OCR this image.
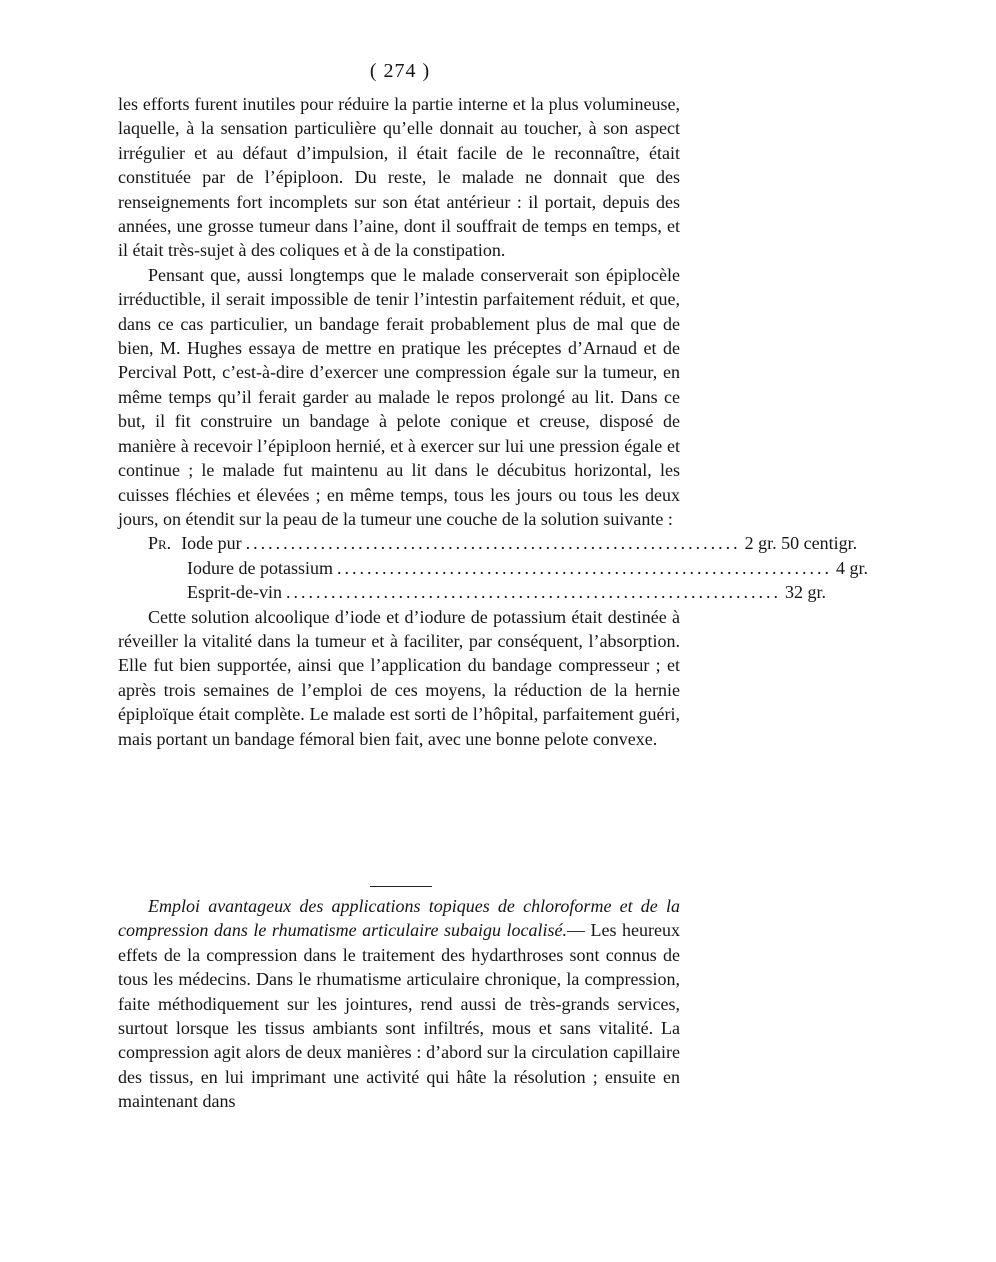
( 274 )

les efforts furent inutiles pour réduire la partie interne et la plus volumineuse, laquelle, à la sensation particulière qu’elle donnait au toucher, à son aspect irrégulier et au défaut d’impulsion, il était facile de le reconnaître, était constituée par de l’épiploon. Du reste, le malade ne donnait que des renseignements fort incomplets sur son état antérieur : il portait, depuis des années, une grosse tumeur dans l’aine, dont il souffrait de temps en temps, et il était très-sujet à des coliques et à de la constipation.

Pensant que, aussi longtemps que le malade conserverait son épiplocèle irréductible, il serait impossible de tenir l’intestin parfaitement réduit, et que, dans ce cas particulier, un bandage ferait probablement plus de mal que de bien, M. Hughes essaya de mettre en pratique les préceptes d’Arnaud et de Percival Pott, c’est-à-dire d’exercer une compression égale sur la tumeur, en même temps qu’il ferait garder au malade le repos prolongé au lit. Dans ce but, il fit construire un bandage à pelote conique et creuse, disposé de manière à recevoir l’épiploon hernié, et à exercer sur lui une pression égale et continue ; le malade fut maintenu au lit dans le décubitus horizontal, les cuisses fléchies et élevées ; en même temps, tous les jours ou tous les deux jours, on étendit sur la peau de la tumeur une couche de la solution suivante :

Pr. Iode pur .................................................................. 2 gr. 50 centigr.
Iodure de potassium .................................................................. 4 gr.
Esprit-de-vin .................................................................. 32 gr.

Cette solution alcoolique d’iode et d’iodure de potassium était destinée à réveiller la vitalité dans la tumeur et à faciliter, par conséquent, l’absorption. Elle fut bien supportée, ainsi que l’application du bandage compresseur ; et après trois semaines de l’emploi de ces moyens, la réduction de la hernie épiploïque était complète. Le malade est sorti de l’hôpital, parfaitement guéri, mais portant un bandage fémoral bien fait, avec une bonne pelote convexe.

Emploi avantageux des applications topiques de chloroforme et de la compression dans le rhumatisme articulaire subaigu localisé.— Les heureux effets de la compression dans le traitement des hydarthroses sont connus de tous les médecins. Dans le rhumatisme articulaire chronique, la compression, faite méthodiquement sur les jointures, rend aussi de très-grands services, surtout lorsque les tissus ambiants sont infiltrés, mous et sans vitalité. La compression agit alors de deux manières : d’abord sur la circulation capillaire des tissus, en lui imprimant une activité qui hâte la résolution ; ensuite en maintenant dans
